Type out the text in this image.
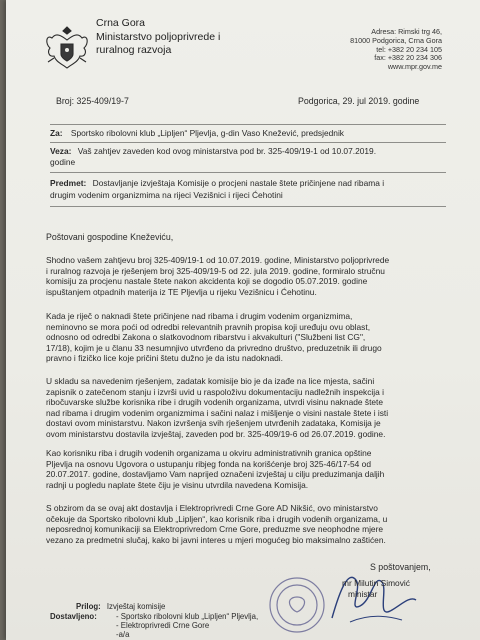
Crna Gora
Ministarstvo poljoprivrede i
ruralnog razvoja
Adresa: Rimski trg 46,
81000 Podgorica, Crna Gora
tel: +382 20 234 105
fax: +382 20 234 306
www.mpr.gov.me
Broj: 325-409/19-7	Podgorica, 29. jul 2019. godine
Za: Sportsko ribolovni klub „Lipljen“ Pljevlja, g-din Vaso Knežević, predsjednik
Veza: Vaš zahtjev zaveden kod ovog ministarstva pod br. 325-409/19-1 od 10.07.2019.
godine
Predmet: Dostavljanje izvještaja Komisije o procjeni nastale štete pričinjene nad ribama i
drugim vodenim organizmima na rijeci Vezišnici i rijeci Ćehotini
Poštovani gospodine Kneževiću,
Shodno vašem zahtjevu broj 325-409/19-1 od 10.07.2019. godine, Ministarstvo poljoprivrede
i ruralnog razvoja je rješenjem broj 325-409/19-5 od 22. jula 2019. godine, formiralo stručnu
komisiju za procjenu nastale štete nakon akcidenta koji se dogodio 05.07.2019. godine
ispuštanjem otpadnih materija iz TE Pljevlja u rijeku Vezišnicu i Ćehotinu.
Kada je riječ o naknadi štete pričinjene nad ribama i drugim vodenim organizmima,
neminovno se mora poći od odredbi relevantnih pravnih propisa koji uređuju ovu oblast,
odnosno od odredbi Zakona o slatkovodnom ribarstvu i akvakulturi ("Službeni list CG",
17/18), kojim je u članu 33 nesumnjivo utvrđeno da privredno društvo, preduzetnik ili drugo
pravno i fizičko lice koje pričini štetu dužno je da istu nadoknadi.
U skladu sa navedenim rješenjem, zadatak komisije bio je da izađe na lice mjesta, sačini
zapisnik o zatečenom stanju i izvrši uvid u raspoloživu dokumentaciju nadležnih inspekcija i
ribočuvarske službe korisnika ribe i drugih vodenih organizama, utvrdi visinu naknade štete
nad ribama i drugim vodenim organizmima i sačini nalaz i mišljenje o visini nastale štete i isti
dostavi ovom ministarstvu. Nakon izvršenja svih rješenjem utvrđenih zadataka, Komisija je
ovom ministarstvu dostavila izvještaj, zaveden pod br. 325-409/19-6 od 26.07.2019. godine.
Kao korisniku riba i drugih vodenih organizama u okviru administrativnih granica opštine
Pljevlja na osnovu Ugovora o ustupanju ribjeg fonda na korišćenje broj 325-46/17-54 od
20.07.2017. godine, dostavljamo Vam naprijed označeni izvještaj u cilju preduzimanja daljih
radnji u pogledu naplate štete čiju je visinu utvrdila navedena Komisija.
S obzirom da se ovaj akt dostavlja i Elektroprivredi Crne Gore AD Nikšić, ovo ministarstvo
očekuje da Sportsko ribolovni klub „Lipljen“, kao korisnik riba i drugih vodenih organizama, u
neposrednoj komunikaciji sa Elektroprivredom Crne Gore, preduzme sve neophodne mjere
vezano za predmetni slučaj, kako bi javni interes u mjeri mogućeg bio maksimalno zaštićen.
S poštovanjem,
mr Milutin Simović
ministar
Prilog: Izvještaj komisije
Dostavljeno: - Sportsko ribolovni klub „Lipljen“ Pljevlja,
- Elektroprivredi Crne Gore
-a/a
